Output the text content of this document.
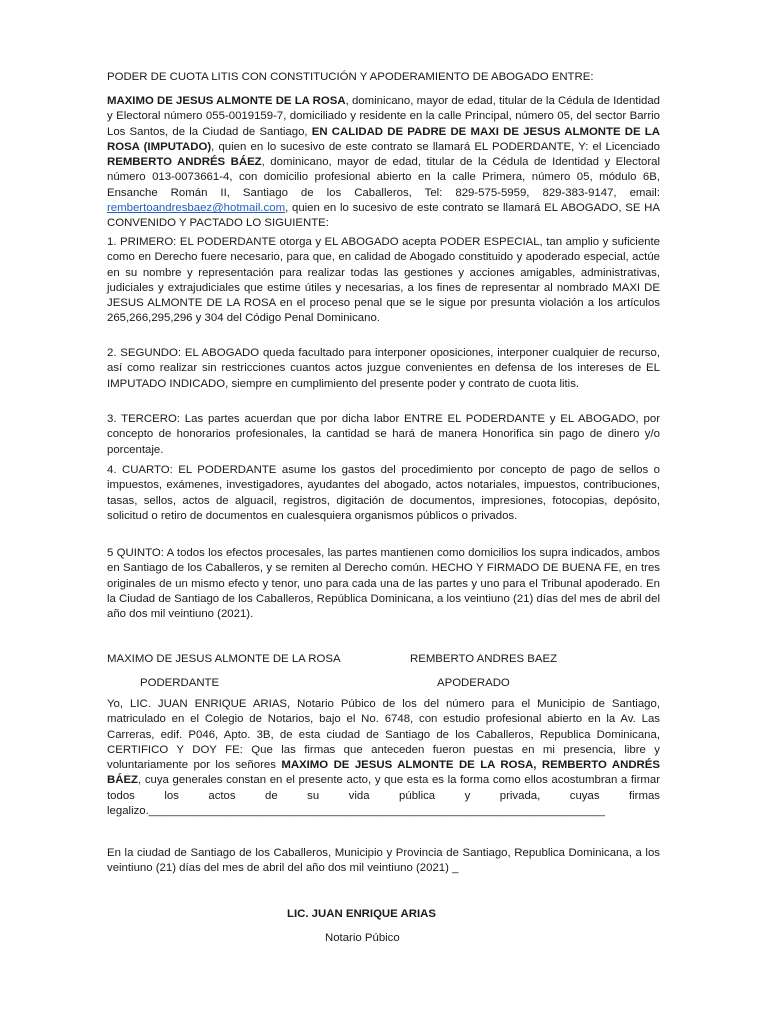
PODER DE CUOTA LITIS CON CONSTITUCIÓN Y APODERAMIENTO DE ABOGADO ENTRE:

MAXIMO DE JESUS ALMONTE DE LA ROSA, dominicano, mayor de edad, titular de la Cédula de Identidad y Electoral número 055-0019159-7, domiciliado y residente en la calle Principal, número 05, del sector Barrio Los Santos, de la Ciudad de Santiago, EN CALIDAD DE PADRE DE MAXI DE JESUS ALMONTE DE LA ROSA (IMPUTADO), quien en lo sucesivo de este contrato se llamará EL PODERDANTE, Y: el Licenciado REMBERTO ANDRÉS BÁEZ, dominicano, mayor de edad, titular de la Cédula de Identidad y Electoral número 013-0073661-4, con domicilio profesional abierto en la calle Primera, número 05, módulo 6B, Ensanche Román II, Santiago de los Caballeros, Tel: 829-575-5959, 829-383-9147, email: rembertoandresbaez@hotmail.com, quien en lo sucesivo de este contrato se llamará EL ABOGADO, SE HA CONVENIDO Y PACTADO LO SIGUIENTE:

1. PRIMERO: EL PODERDANTE otorga y EL ABOGADO acepta PODER ESPECIAL, tan amplio y suficiente como en Derecho fuere necesario, para que, en calidad de Abogado constituido y apoderado especial, actúe en su nombre y representación para realizar todas las gestiones y acciones amigables, administrativas, judiciales y extrajudiciales que estime útiles y necesarias, a los fines de representar al nombrado MAXI DE JESUS ALMONTE DE LA ROSA en el proceso penal que se le sigue por presunta violación a los artículos 265,266,295,296 y 304 del Código Penal Dominicano.

2. SEGUNDO: EL ABOGADO queda facultado para interponer oposiciones, interponer cualquier de recurso, así como realizar sin restricciones cuantos actos juzgue convenientes en defensa de los intereses de EL IMPUTADO INDICADO, siempre en cumplimiento del presente poder y contrato de cuota litis.

3. TERCERO: Las partes acuerdan que por dicha labor ENTRE EL PODERDANTE y EL ABOGADO, por concepto de honorarios profesionales, la cantidad se hará de manera Honorifica sin pago de dinero y/o porcentaje.

4. CUARTO: EL PODERDANTE asume los gastos del procedimiento por concepto de pago de sellos o impuestos, exámenes, investigadores, ayudantes del abogado, actos notariales, impuestos, contribuciones, tasas, sellos, actos de alguacil, registros, digitación de documentos, impresiones, fotocopias, depósito, solicitud o retiro de documentos en cualesquiera organismos públicos o privados.

5 QUINTO: A todos los efectos procesales, las partes mantienen como domicilios los supra indicados, ambos en Santiago de los Caballeros, y se remiten al Derecho común. HECHO Y FIRMADO DE BUENA FE, en tres originales de un mismo efecto y tenor, uno para cada una de las partes y uno para el Tribunal apoderado. En la Ciudad de Santiago de los Caballeros, República Dominicana, a los veintiuno (21) días del mes de abril del año dos mil veintiuno (2021).

MAXIMO DE JESUS ALMONTE DE LA ROSA	REMBERTO ANDRES BAEZ
PODERDANTE	APODERADO

Yo, LIC. JUAN ENRIQUE ARIAS, Notario Púbico de los del número para el Municipio de Santiago, matriculado en el Colegio de Notarios, bajo el No. 6748, con estudio profesional abierto en la Av. Las Carreras, edif. P046, Apto. 3B, de esta ciudad de Santiago de los Caballeros, Republica Dominicana, CERTIFICO Y DOY FE: Que las firmas que anteceden fueron puestas en mi presencia, libre y voluntariamente por los señores MAXIMO DE JESUS ALMONTE DE LA ROSA, REMBERTO ANDRÉS BÁEZ, cuya generales constan en el presente acto, y que esta es la forma como ellos acostumbran a firmar todos los actos de su vida pública y privada, cuyas firmas legalizo.________________________________________________________________________

En la ciudad de Santiago de los Caballeros, Municipio y Provincia de Santiago, Republica Dominicana, a los veintiuno (21) días del mes de abril del año dos mil veintiuno (2021) _

LIC. JUAN ENRIQUE ARIAS
Notario Púbico
